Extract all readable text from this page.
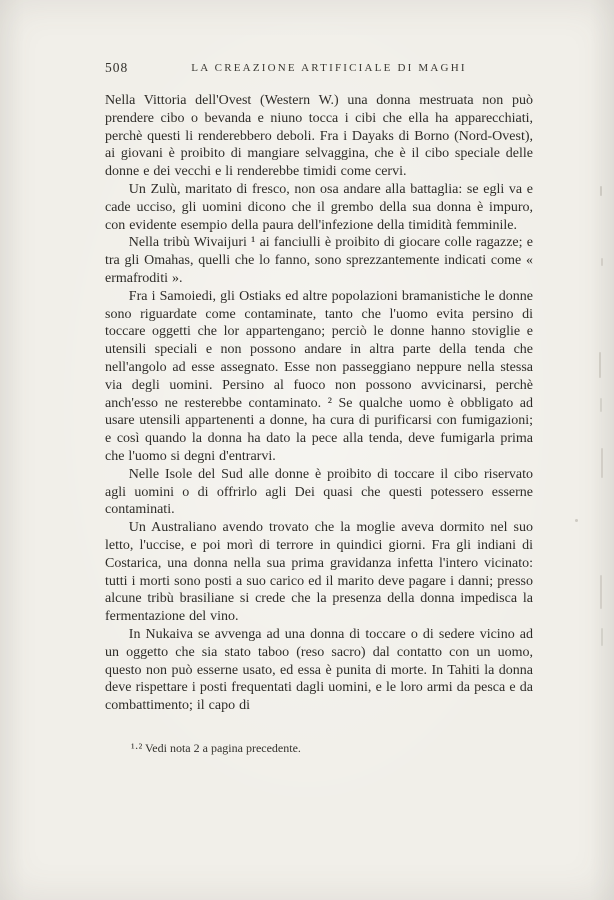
508	LA CREAZIONE ARTIFICIALE DI MAGHI

Nella Vittoria dell'Ovest (Western W.) una donna mestruata non può prendere cibo o bevanda e niuno tocca i cibi che ella ha apparecchiati, perchè questi li renderebbero deboli. Fra i Dayaks di Borno (Nord-Ovest), ai giovani è proibito di mangiare selvaggina, che è il cibo speciale delle donne e dei vecchi e li renderebbe timidi come cervi.

Un Zulù, maritato di fresco, non osa andare alla battaglia: se egli va e cade ucciso, gli uomini dicono che il grembo della sua donna è impuro, con evidente esempio della paura dell'infezione della timidità femminile.

Nella tribù Wivaijuri ¹ ai fanciulli è proibito di giocare colle ragazze; e tra gli Omahas, quelli che lo fanno, sono sprezzantemente indicati come « ermafroditi ».

Fra i Samoiedi, gli Ostiaks ed altre popolazioni bramanistiche le donne sono riguardate come contaminate, tanto che l'uomo evita persino di toccare oggetti che lor appartengano; perciò le donne hanno stoviglie e utensili speciali e non possono andare in altra parte della tenda che nell'angolo ad esse assegnato. Esse non passeggiano neppure nella stessa via degli uomini. Persino al fuoco non possono avvicinarsi, perchè anch'esso ne resterebbe contaminato. ² Se qualche uomo è obbligato ad usare utensili appartenenti a donne, ha cura di purificarsi con fumigazioni; e così quando la donna ha dato la pece alla tenda, deve fumigarla prima che l'uomo si degni d'entrarvi.

Nelle Isole del Sud alle donne è proibito di toccare il cibo riservato agli uomini o di offrirlo agli Dei quasi che questi potessero esserne contaminati.

Un Australiano avendo trovato che la moglie aveva dormito nel suo letto, l'uccise, e poi morì di terrore in quindici giorni. Fra gli indiani di Costarica, una donna nella sua prima gravidanza infetta l'intero vicinato: tutti i morti sono posti a suo carico ed il marito deve pagare i danni; presso alcune tribù brasiliane si crede che la presenza della donna impedisca la fermentazione del vino.

In Nukaiva se avvenga ad una donna di toccare o di sedere vicino ad un oggetto che sia stato taboo (reso sacro) dal contatto con un uomo, questo non può esserne usato, ed essa è punita di morte. In Tahiti la donna deve rispettare i posti frequentati dagli uomini, e le loro armi da pesca e da combattimento; il capo di

¹·² Vedi nota 2 a pagina precedente.
